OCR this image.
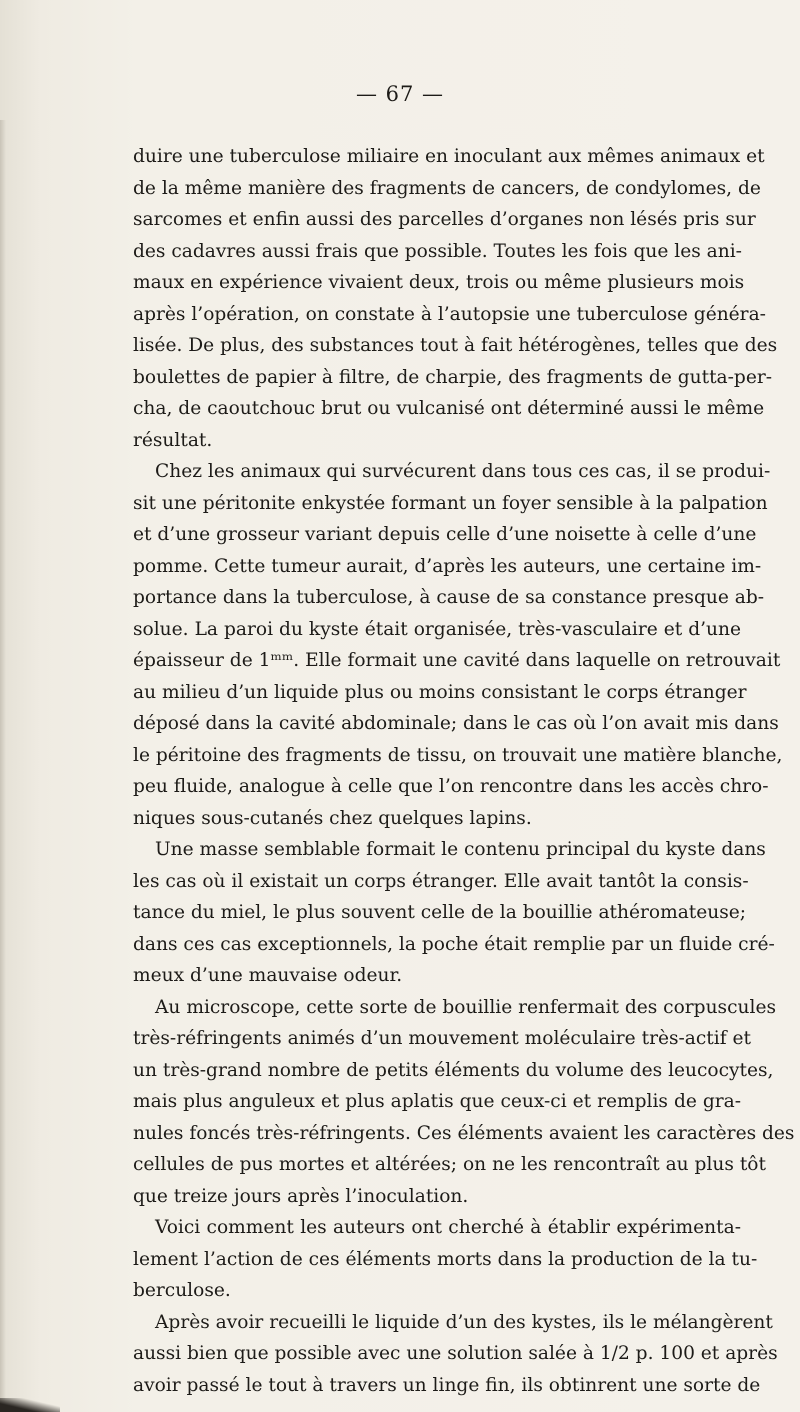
— 67 —
duire une tuberculose miliaire en inoculant aux mêmes animaux et
de la même manière des fragments de cancers, de condylomes, de
sarcomes et enfin aussi des parcelles d’organes non lésés pris sur
des cadavres aussi frais que possible. Toutes les fois que les ani-
maux en expérience vivaient deux, trois ou même plusieurs mois
après l’opération, on constate à l’autopsie une tuberculose généra-
lisée. De plus, des substances tout à fait hétérogènes, telles que des
boulettes de papier à filtre, de charpie, des fragments de gutta-per-
cha, de caoutchouc brut ou vulcanisé ont déterminé aussi le même
résultat.
Chez les animaux qui survécurent dans tous ces cas, il se produi-
sit une péritonite enkystée formant un foyer sensible à la palpation
et d’une grosseur variant depuis celle d’une noisette à celle d’une
pomme. Cette tumeur aurait, d’après les auteurs, une certaine im-
portance dans la tuberculose, à cause de sa constance presque ab-
solue. La paroi du kyste était organisée, très-vasculaire et d’une
épaisseur de 1ᵐᵐ. Elle formait une cavité dans laquelle on retrouvait
au milieu d’un liquide plus ou moins consistant le corps étranger
déposé dans la cavité abdominale; dans le cas où l’on avait mis dans
le péritoine des fragments de tissu, on trouvait une matière blanche,
peu fluide, analogue à celle que l’on rencontre dans les accès chro-
niques sous-cutanés chez quelques lapins.
Une masse semblable formait le contenu principal du kyste dans
les cas où il existait un corps étranger. Elle avait tantôt la consis-
tance du miel, le plus souvent celle de la bouillie athéromateuse;
dans ces cas exceptionnels, la poche était remplie par un fluide cré-
meux d’une mauvaise odeur.
Au microscope, cette sorte de bouillie renfermait des corpuscules
très-réfringents animés d’un mouvement moléculaire très-actif et
un très-grand nombre de petits éléments du volume des leucocytes,
mais plus anguleux et plus aplatis que ceux-ci et remplis de gra-
nules foncés très-réfringents. Ces éléments avaient les caractères des
cellules de pus mortes et altérées; on ne les rencontraît au plus tôt
que treize jours après l’inoculation.
Voici comment les auteurs ont cherché à établir expérimenta-
lement l’action de ces éléments morts dans la production de la tu-
berculose.
Après avoir recueilli le liquide d’un des kystes, ils le mélangèrent
aussi bien que possible avec une solution salée à 1/2 p. 100 et après
avoir passé le tout à travers un linge fin, ils obtinrent une sorte de
